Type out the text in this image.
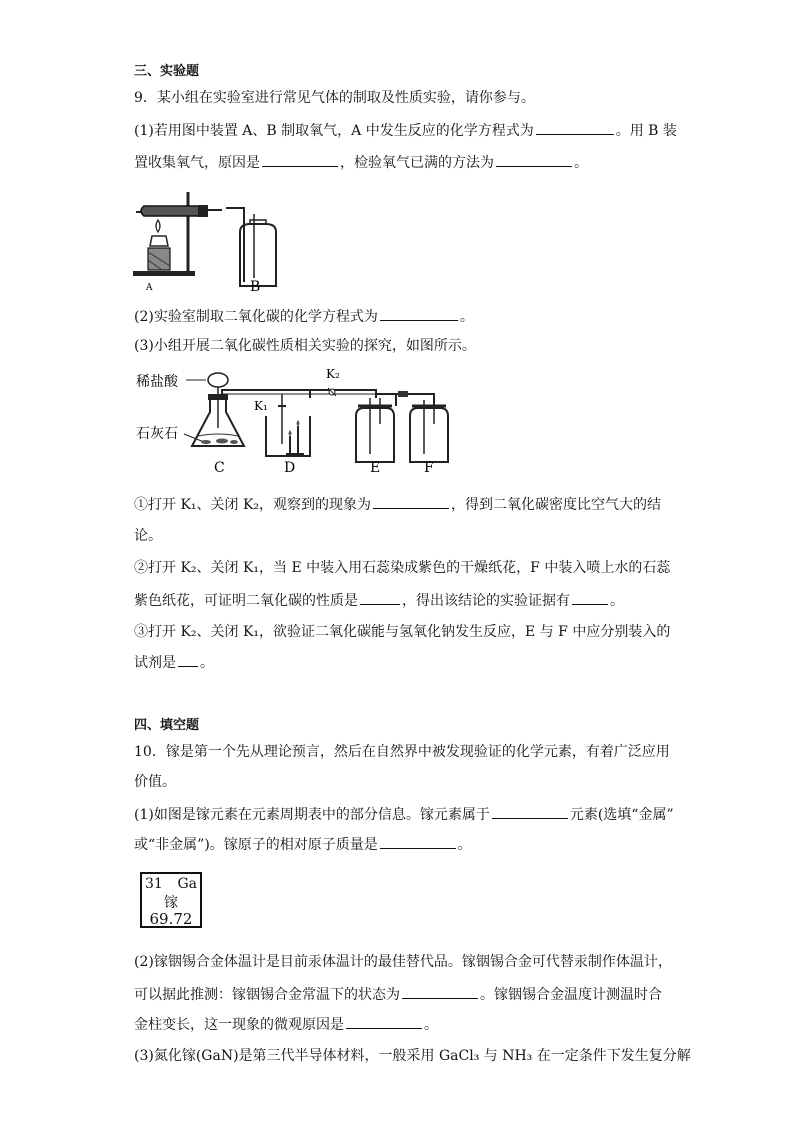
三、实验题
9．某小组在实验室进行常见气体的制取及性质实验，请你参与。
(1)若用图中装置 A、B 制取氧气，A 中发生反应的化学方程式为	。用 B 装
置收集氧气，原因是	，检验氧气已满的方法为	。
A	B
(2)实验室制取二氧化碳的化学方程式为	。
(3)小组开展二氧化碳性质相关实验的探究，如图所示。
稀盐酸
石灰石
K₂
K₁
C	D	E	F
①打开 K₁、关闭 K₂，观察到的现象为	，得到二氧化碳密度比空气大的结
论。
②打开 K₂、关闭 K₁，当 E 中装入用石蕊染成紫色的干燥纸花，F 中装入喷上水的石蕊
紫色纸花，可证明二氧化碳的性质是	，得出该结论的实验证据有	。
③打开 K₂、关闭 K₁，欲验证二氧化碳能与氢氧化钠发生反应，E 与 F 中应分别装入的
试剂是 。
四、填空题
10．镓是第一个先从理论预言，然后在自然界中被发现验证的化学元素，有着广泛应用
价值。
(1)如图是镓元素在元素周期表中的部分信息。镓元素属于	元素(选填“金属”
或“非金属”)。镓原子的相对原子质量是	。
31 Ga
镓
69.72
(2)镓铟锡合金体温计是目前汞体温计的最佳替代品。镓铟锡合金可代替汞制作体温计，
可以据此推测：镓铟锡合金常温下的状态为	。镓铟锡合金温度计测温时合
金柱变长，这一现象的微观原因是	。
(3)氮化镓(GaN)是第三代半导体材料，一般采用 GaCl₃ 与 NH₃ 在一定条件下发生复分解
